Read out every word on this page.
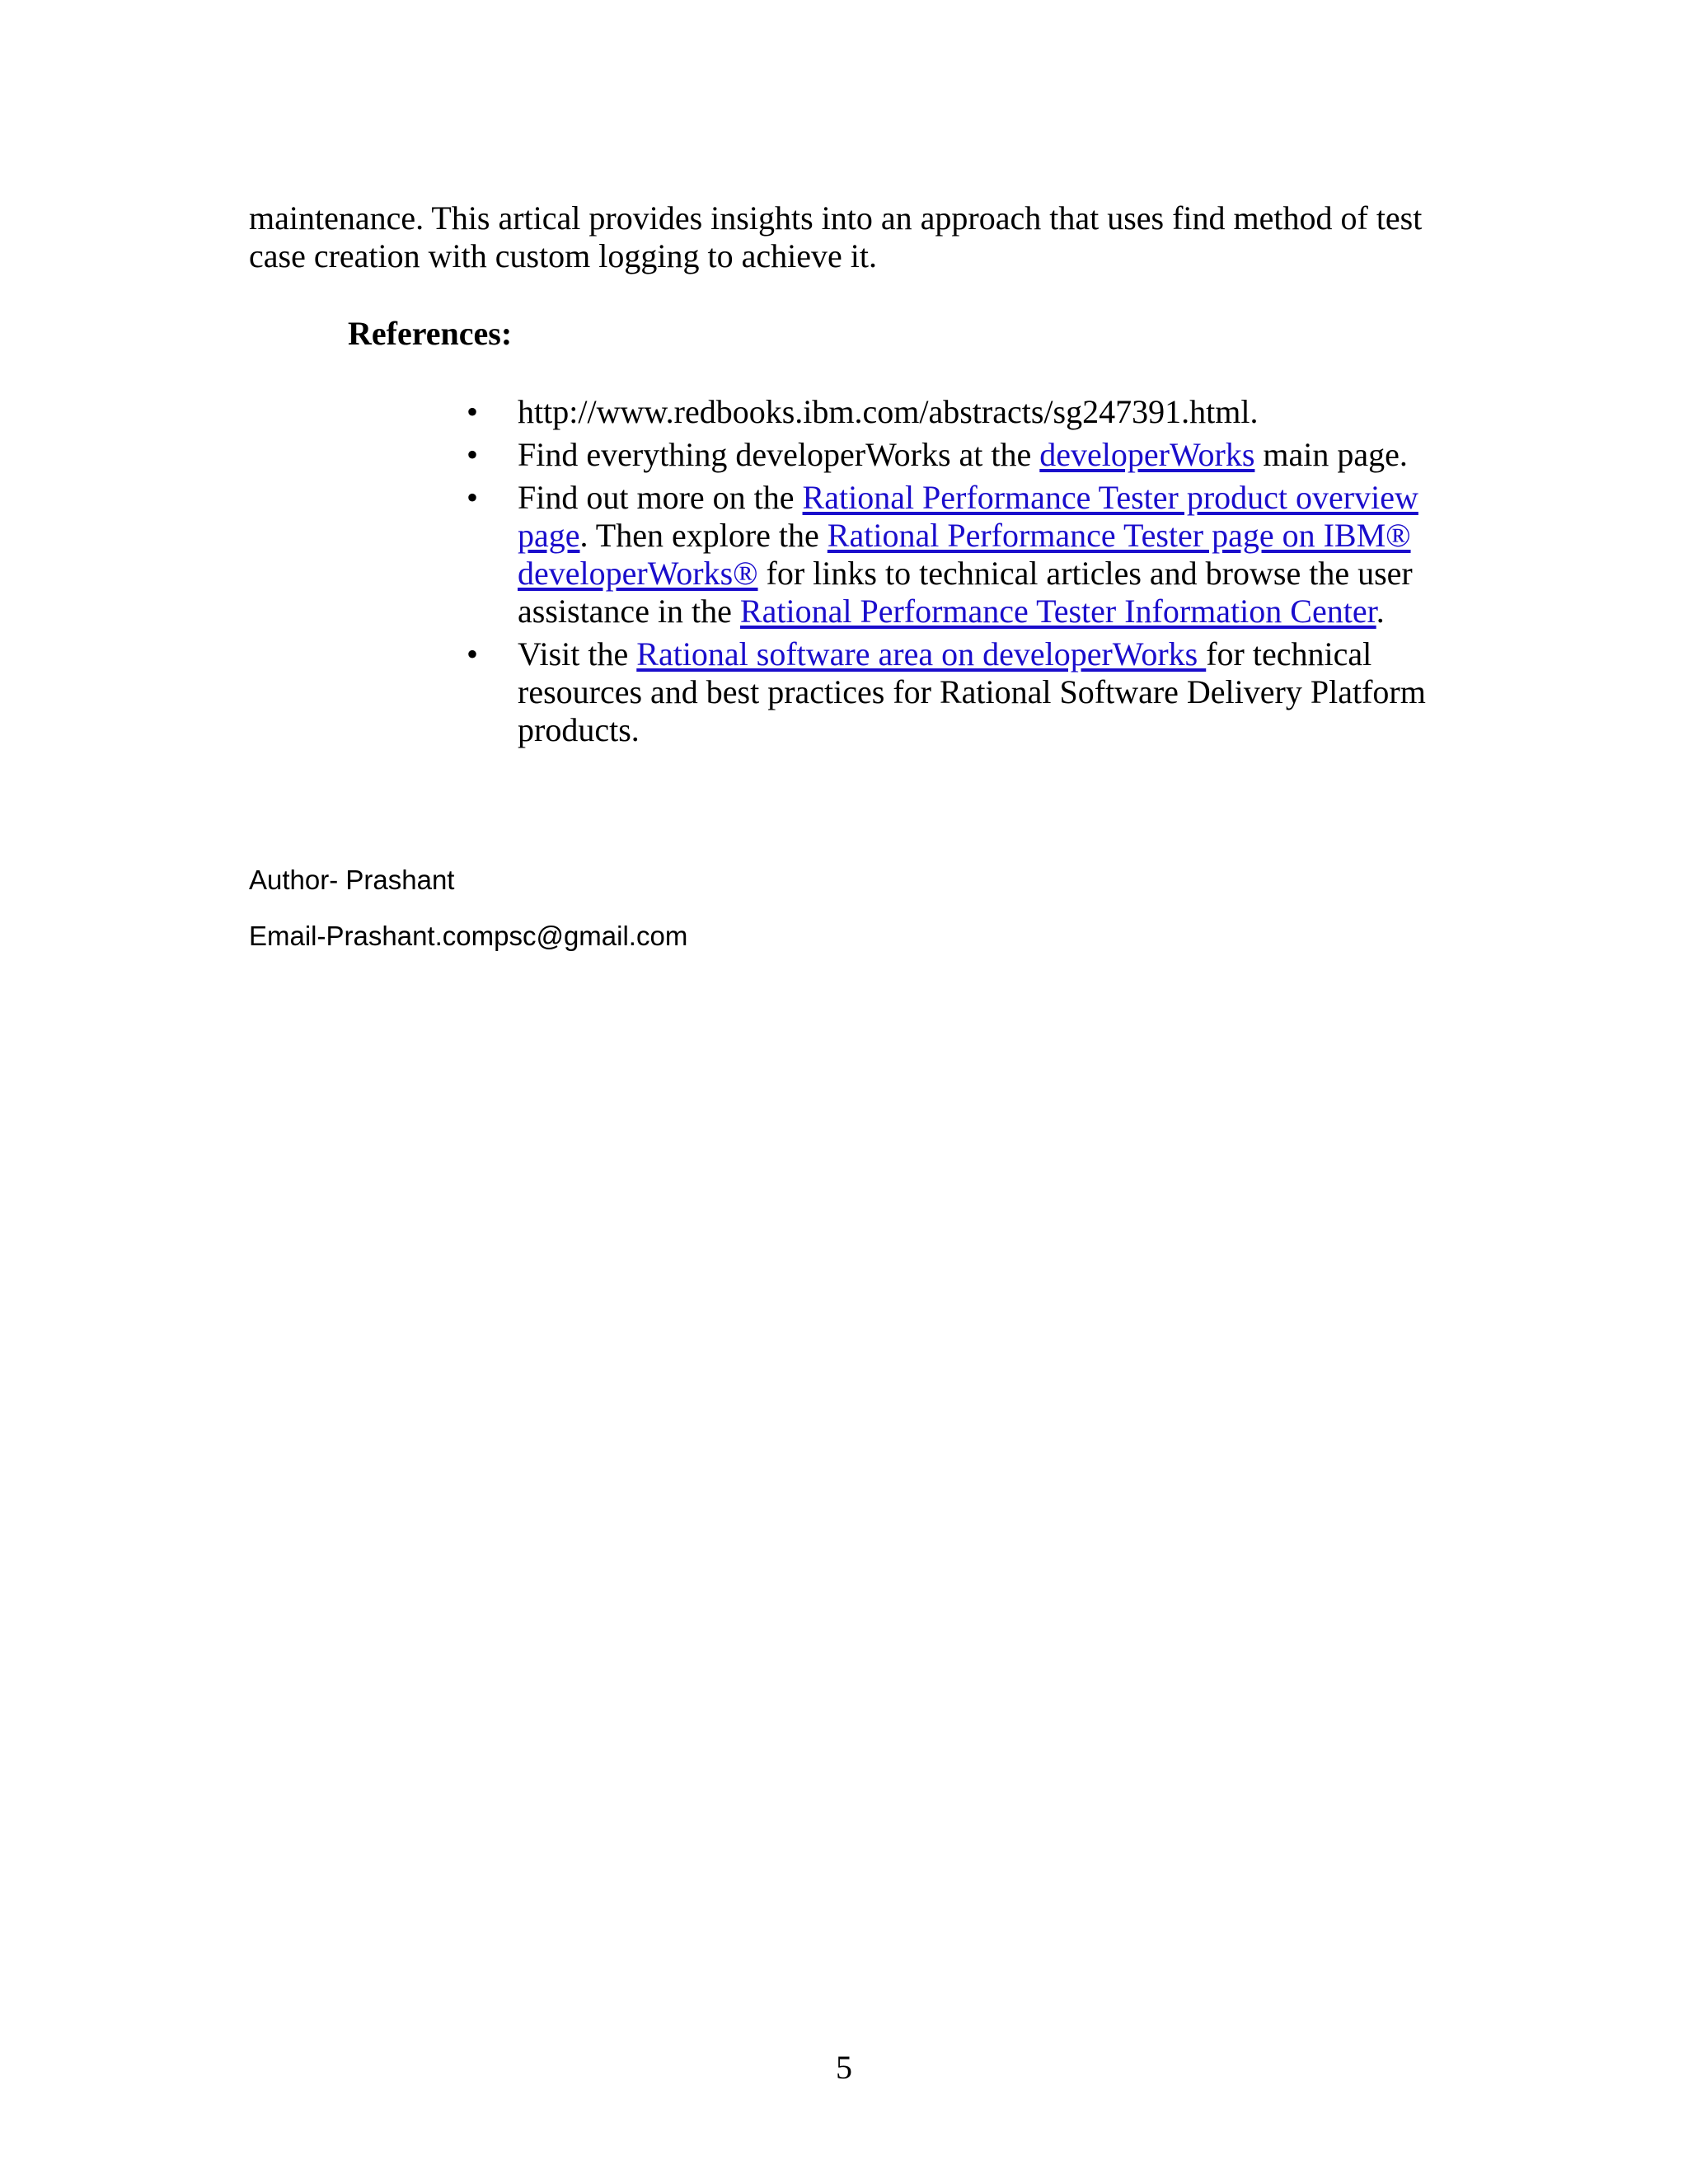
maintenance. This artical provides insights into an approach that uses find method of test
case creation with custom logging to achieve it.
References:
•	http://www.redbooks.ibm.com/abstracts/sg247391.html.
•	Find everything developerWorks at the developerWorks main page.
•	Find out more on the Rational Performance Tester product overview
page. Then explore the Rational Performance Tester page on IBM®
developerWorks® for links to technical articles and browse the user
assistance in the Rational Performance Tester Information Center.
•	Visit the Rational software area on developerWorks for technical
resources and best practices for Rational Software Delivery Platform
products.
Author- Prashant
Email-Prashant.compsc@gmail.com
5
